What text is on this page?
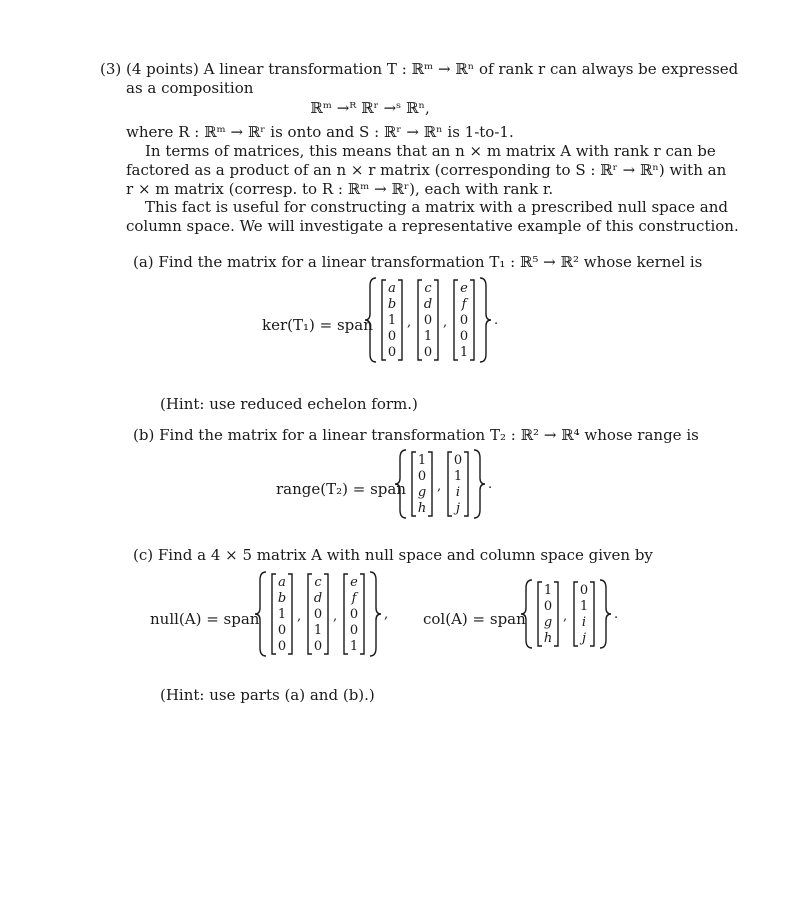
(3) (4 points) A linear transformation T : ℝᵐ → ℝⁿ of rank r can always be expressed
as a composition
ℝᵐ →ᴿ ℝʳ →ˢ ℝⁿ,
where R : ℝᵐ → ℝʳ is onto and S : ℝʳ → ℝⁿ is 1-to-1.
In terms of matrices, this means that an n × m matrix A with rank r can be
factored as a product of an n × r matrix (corresponding to S : ℝʳ → ℝⁿ) with an
r × m matrix (corresp. to R : ℝᵐ → ℝʳ), each with rank r.
This fact is useful for constructing a matrix with a prescribed null space and
column space. We will investigate a representative example of this construction.
(a) Find the matrix for a linear transformation T₁ : ℝ⁵ → ℝ² whose kernel is
ker(T₁) = span
a
b
1
0
0
,
c
d
0
1
0
,
e
f
0
0
1
.
(Hint: use reduced echelon form.)
(b) Find the matrix for a linear transformation T₂ : ℝ² → ℝ⁴ whose range is
range(T₂) = span
1
0
g
h
,
0
1
i
j
.
(c) Find a 4 × 5 matrix A with null space and column space given by
null(A) = span
a
b
1
0
0
,
c
d
0
1
0
,
e
f
0
0
1
, col(A) = span
1
0
g
h
,
0
1
i
j
.
(Hint: use parts (a) and (b).)
